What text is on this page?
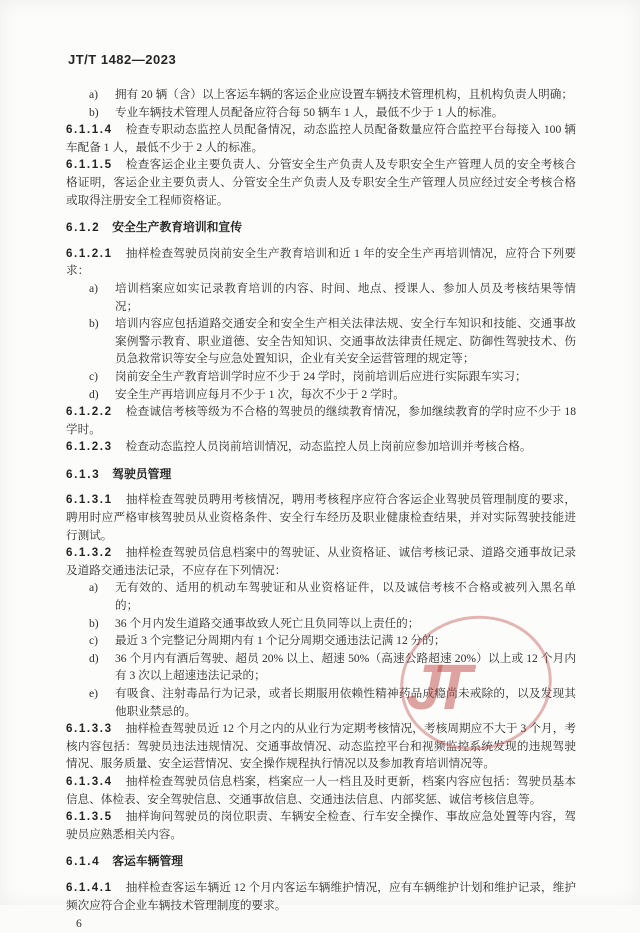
JT/T 1482—2023
a) 拥有 20 辆（含）以上客运车辆的客运企业应设置车辆技术管理机构，且机构负责人明确；
b) 专业车辆技术管理人员配备应符合每 50 辆车 1 人，最低不少于 1 人的标准。
6.1.1.4 检查专职动态监控人员配备情况，动态监控人员配备数量应符合监控平台每接入 100 辆车配备 1 人，最低不少于 2 人的标准。
6.1.1.5 检查客运企业主要负责人、分管安全生产负责人及专职安全生产管理人员的安全考核合格证明，客运企业主要负责人、分管安全生产负责人及专职安全生产管理人员应经过安全考核合格或取得注册安全工程师资格证。
6.1.2 安全生产教育培训和宣传
6.1.2.1 抽样检查驾驶员岗前安全生产教育培训和近 1 年的安全生产再培训情况，应符合下列要求：
a) 培训档案应如实记录教育培训的内容、时间、地点、授课人、参加人员及考核结果等情况；
b) 培训内容应包括道路交通安全和安全生产相关法律法规、安全行车知识和技能、交通事故案例警示教育、职业道德、安全告知知识、交通事故法律责任规定、防御性驾驶技术、伤员急救常识等安全与应急处置知识，企业有关安全运营管理的规定等；
c) 岗前安全生产教育培训学时应不少于 24 学时，岗前培训后应进行实际跟车实习；
d) 安全生产再培训应每月不少于 1 次，每次不少于 2 学时。
6.1.2.2 检查诚信考核等级为不合格的驾驶员的继续教育情况，参加继续教育的学时应不少于 18 学时。
6.1.2.3 检查动态监控人员岗前培训情况，动态监控人员上岗前应参加培训并考核合格。
6.1.3 驾驶员管理
6.1.3.1 抽样检查驾驶员聘用考核情况，聘用考核程序应符合客运企业驾驶员管理制度的要求，聘用时应严格审核驾驶员从业资格条件、安全行车经历及职业健康检查结果，并对实际驾驶技能进行测试。
6.1.3.2 抽样检查驾驶员信息档案中的驾驶证、从业资格证、诚信考核记录、道路交通事故记录及道路交通违法记录，不应存在下列情况：
a) 无有效的、适用的机动车驾驶证和从业资格证件，以及诚信考核不合格或被列入黑名单的；
b) 36 个月内发生道路交通事故致人死亡且负同等以上责任的；
c) 最近 3 个完整记分周期内有 1 个记分周期交通违法记满 12 分的；
d) 36 个月内有酒后驾驶、超员 20% 以上、超速 50%（高速公路超速 20%）以上或 12 个月内有 3 次以上超速违法记录的；
e) 有吸食、注射毒品行为记录，或者长期服用依赖性精神药品成瘾尚未戒除的，以及发现其他职业禁忌的。
6.1.3.3 抽样检查驾驶员近 12 个月之内的从业行为定期考核情况，考核周期应不大于 3 个月，考核内容包括：驾驶员违法违规情况、交通事故情况、动态监控平台和视频监控系统发现的违规驾驶情况、服务质量、安全运营情况、安全操作规程执行情况以及参加教育培训情况等。
6.1.3.4 抽样检查驾驶员信息档案，档案应一人一档且及时更新，档案内容应包括：驾驶员基本信息、体检表、安全驾驶信息、交通事故信息、交通违法信息、内部奖惩、诚信考核信息等。
6.1.3.5 抽样询问驾驶员的岗位职责、车辆安全检查、行车安全操作、事故应急处置等内容，驾驶员应熟悉相关内容。
6.1.4 客运车辆管理
6.1.4.1 抽样检查客运车辆近 12 个月内客运车辆维护情况，应有车辆维护计划和维护记录，维护频次应符合企业车辆技术管理制度的要求。
6
JT
